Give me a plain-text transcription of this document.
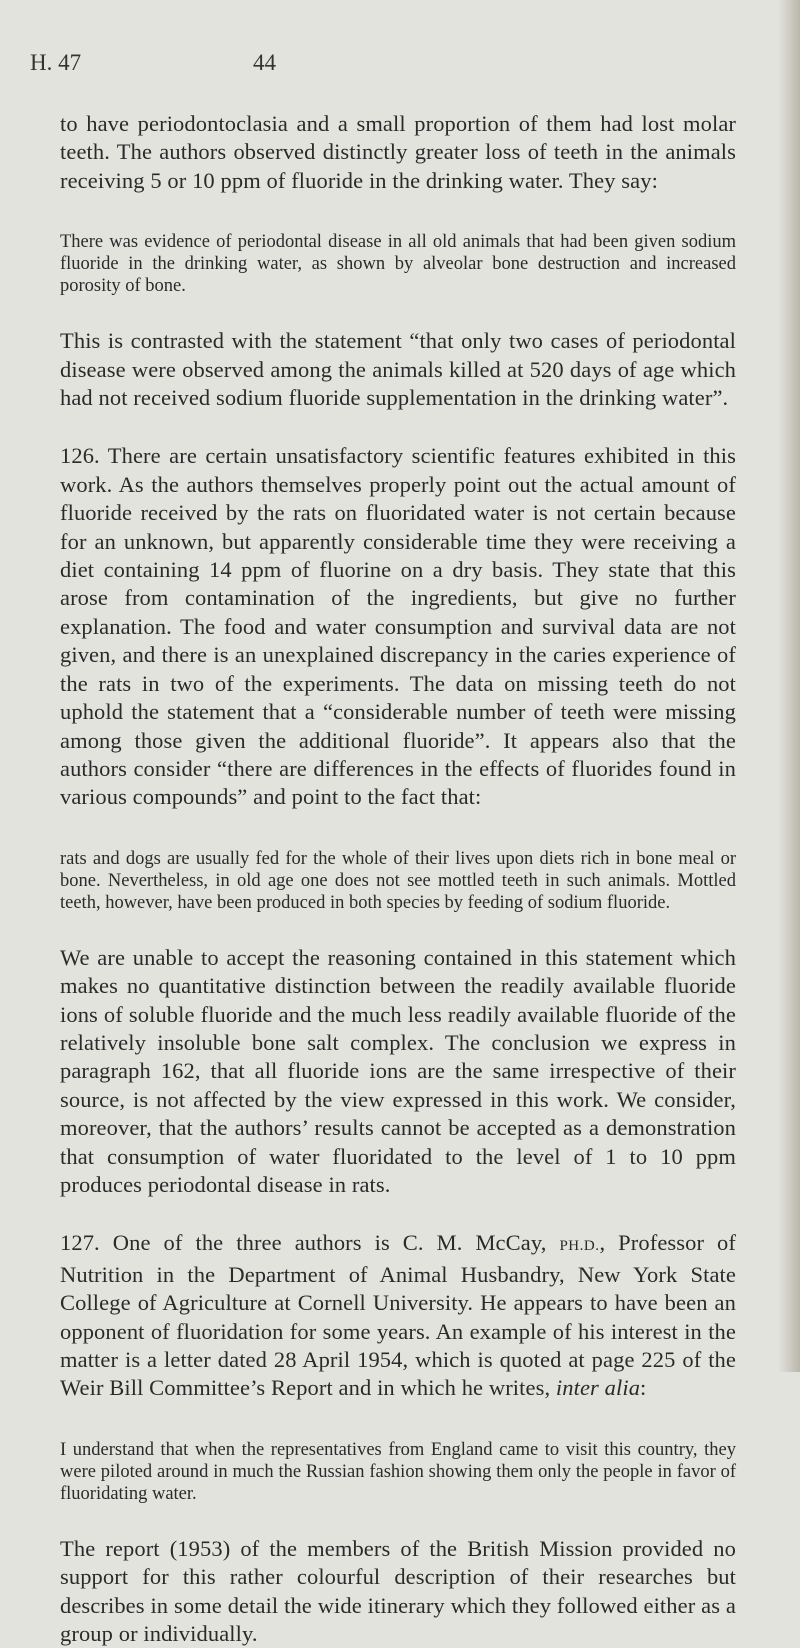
H. 47	44

to have periodontoclasia and a small proportion of them had lost molar teeth. The authors observed distinctly greater loss of teeth in the animals receiving 5 or 10 ppm of fluoride in the drinking water. They say:

There was evidence of periodontal disease in all old animals that had been given sodium fluoride in the drinking water, as shown by alveolar bone destruction and increased porosity of bone.

This is contrasted with the statement “that only two cases of periodontal disease were observed among the animals killed at 520 days of age which had not received sodium fluoride supplementation in the drinking water”.

126. There are certain unsatisfactory scientific features exhibited in this work. As the authors themselves properly point out the actual amount of fluoride received by the rats on fluoridated water is not certain because for an unknown, but apparently considerable time they were receiving a diet containing 14 ppm of fluorine on a dry basis. They state that this arose from contamination of the ingredients, but give no further explanation. The food and water consumption and survival data are not given, and there is an unexplained discrepancy in the caries experience of the rats in two of the experiments. The data on missing teeth do not uphold the statement that a “considerable number of teeth were missing among those given the additional fluoride”. It appears also that the authors consider “there are differences in the effects of fluorides found in various compounds” and point to the fact that:

rats and dogs are usually fed for the whole of their lives upon diets rich in bone meal or bone. Nevertheless, in old age one does not see mottled teeth in such animals. Mottled teeth, however, have been produced in both species by feeding of sodium fluoride.

We are unable to accept the reasoning contained in this statement which makes no quantitative distinction between the readily available fluoride ions of soluble fluoride and the much less readily available fluoride of the relatively insoluble bone salt complex. The conclusion we express in paragraph 162, that all fluoride ions are the same irrespective of their source, is not affected by the view expressed in this work. We consider, moreover, that the authors’ results cannot be accepted as a demonstration that consumption of water fluoridated to the level of 1 to 10 ppm produces periodontal disease in rats.

127. One of the three authors is C. M. McCay, PH.D., Professor of Nutrition in the Department of Animal Husbandry, New York State College of Agriculture at Cornell University. He appears to have been an opponent of fluoridation for some years. An example of his interest in the matter is a letter dated 28 April 1954, which is quoted at page 225 of the Weir Bill Committee’s Report and in which he writes, inter alia:

I understand that when the representatives from England came to visit this country, they were piloted around in much the Russian fashion showing them only the people in favor of fluoridating water.

The report (1953) of the members of the British Mission provided no support for this rather colourful description of their researches but describes in some detail the wide itinerary which they followed either as a group or individually.
